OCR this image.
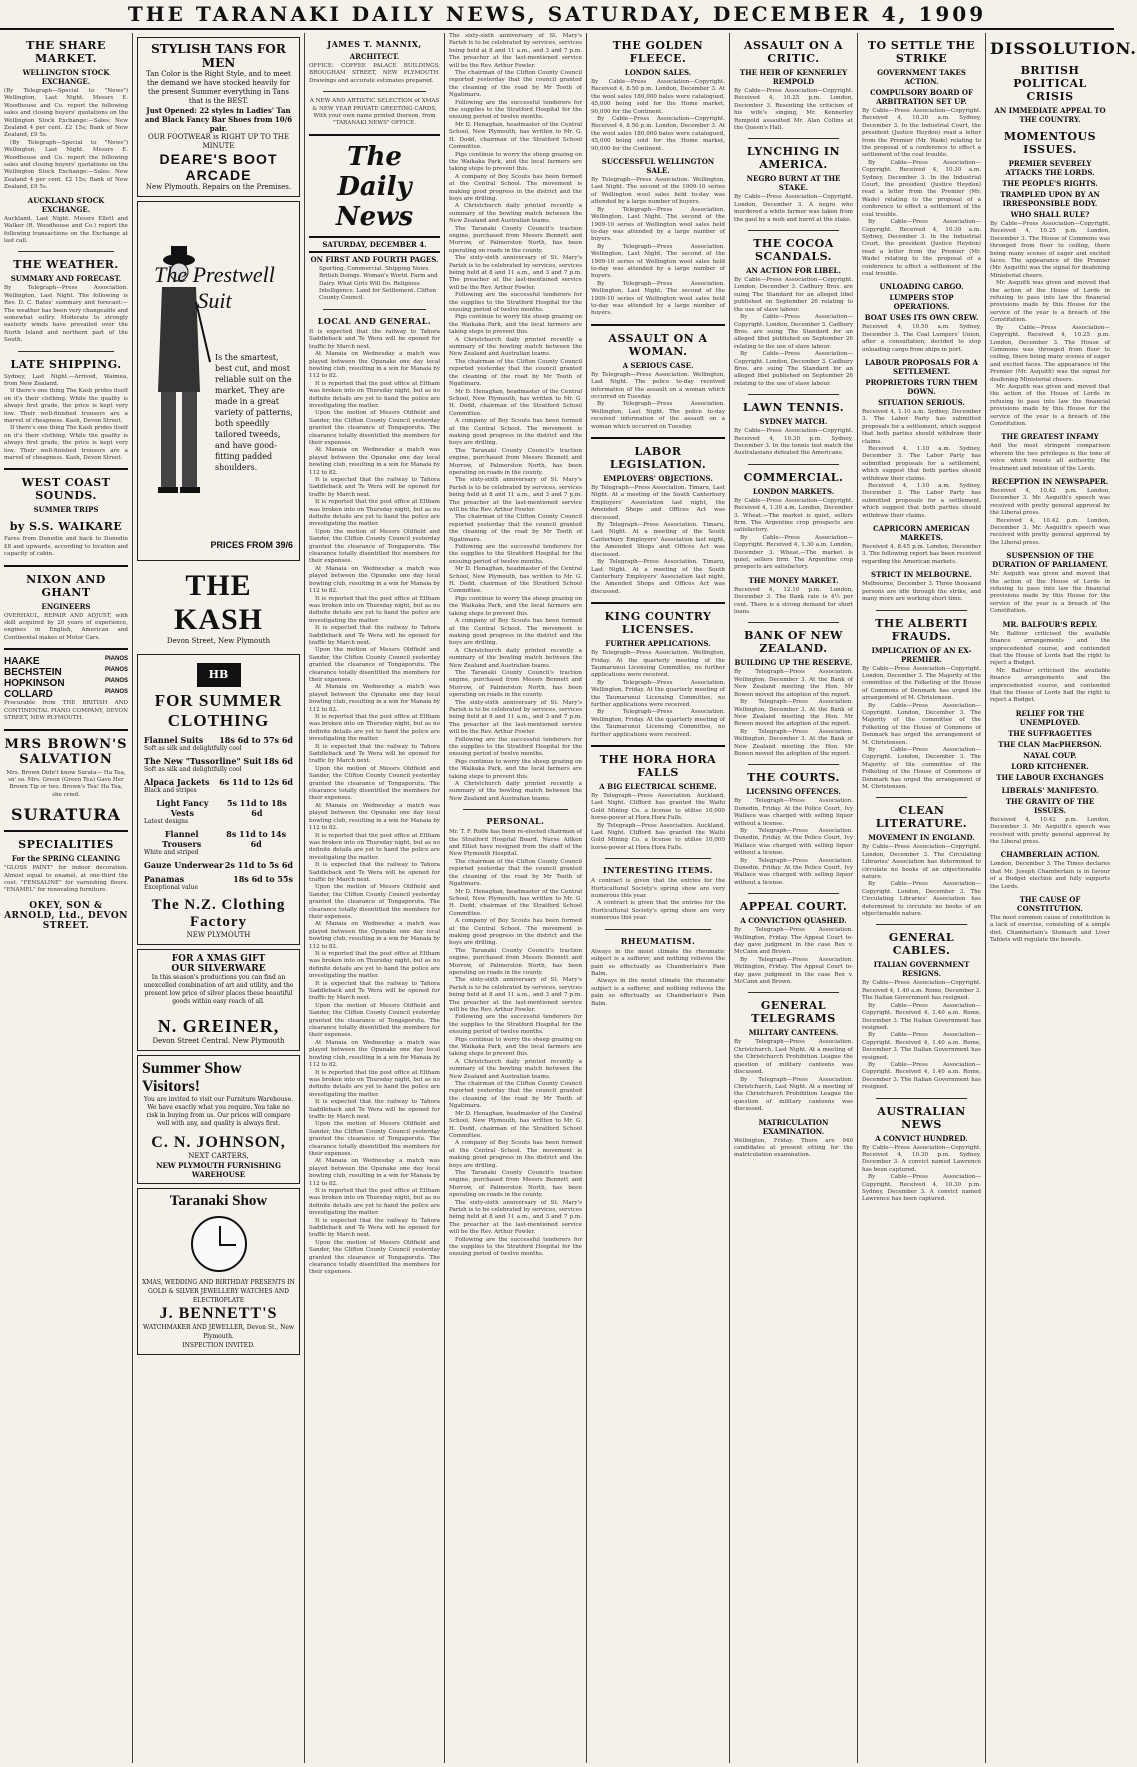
THE TARANAKI DAILY NEWS, SATURDAY, DECEMBER 4, 1909
THE SHARE MARKET.
WELLINGTON STOCK EXCHANGE.
(By Telegraph—Special to "News") Wellington, Last Night. Messrs E. Woodhouse and Co. report the following sales and closing buyers' quotations on the Wellington Stock Exchange:—Sales: New Zealand 4 per cent. £2 15s; Bank of New Zealand, £9 5s.
(By Telegraph—Special to "News") Wellington, Last Night. Messrs E. Woodhouse and Co. report the following sales and closing buyers' quotations on the Wellington Stock Exchange:—Sales: New Zealand 4 per cent. £2 15s; Bank of New Zealand, £9 5s.
AUCKLAND STOCK EXCHANGE.
Auckland, Last Night. Messrs Ellett and Walker (R. Woodhouse and Co.) report the following transactions on the Exchange at last call.
THE WEATHER.
SUMMARY AND FORECAST.
By Telegraph—Press Association. Wellington, Last Night. The following is Rev. D. C. Bates' summary and forecast:—The weather has been very changeable and somewhat sultry. Moderate to strongly easterly winds have prevailed over the North Island and northern part of the South.
LATE SHIPPING.
Sydney, Last Night.—Arrived, Waimea, from New Zealand.
If there's one thing The Kash prides itself on it's their clothing. While the quality is always first grade, the price is kept very low. Their well-finished trousers are a marvel of cheapness. Kash, Devon Street.
If there's one thing The Kash prides itself on it's their clothing. While the quality is always first grade, the price is kept very low. Their well-finished trousers are a marvel of cheapness. Kash, Devon Street.
WEST COAST SOUNDS.
SUMMER TRIPS
by S.S. WAIKARE
Fares from Dunedin and back to Dunedin £8 and upwards, according to location and capacity of cabin.
NIXON AND GHANT
ENGINEERS
OVERHAUL, REPAIR AND ADJUST, with skill acquired by 20 years of experience, engines in English, American and Continental makes of Motor Cars.
HAAKE	PIANOS
BECHSTEIN	PIANOS
HOPKINSON	PIANOS
COLLARD	PIANOS
Procurable from THE BRITISH AND CONTINENTAL PIANO COMPANY, DEVON STREET, NEW PLYMOUTH.
MRS BROWN'S SALVATION
Mrs. Brown Didn't know Surata— Ha Tea, sn' so. Mrs. Green (Green Tea) Gave Her Brown Tip or two. Brown's Tea! Ha Tea, she cried.
SURATURA
SPECIALITIES
For the SPRING CLEANING
"GLOSS PAINT" for indoor decoration. Almost equal to enamel, at one-third the cost. "FENSALINE" for varnishing floors. "ENAMEL" for renovating furniture.
OKEY, SON & ARNOLD, Ltd., DEVON STREET.
STYLISH TANS FOR MEN
Tan Color is the Right Style, and to meet the demand we have stocked heavily for the present Summer everything in Tans that is the BEST.
Just Opened: 22 styles in Ladies' Tan and Black Fancy Bar Shoes from 10/6 pair.
OUR FOOTWEAR is RIGHT UP TO THE MINUTE
DEARE'S BOOT ARCADE
New Plymouth. Repairs on the Premises.
The Prestwell Suit
Is the smartest, best cut, and most reliable suit on the market. They are made in a great variety of patterns, both speedily tailored tweeds, and have good-fitting padded shoulders.
PRICES FROM 39/6
THE KASH
Devon Street, New Plymouth
HB
FOR SUMMER CLOTHING
Flannel Suits 18s 6d to 57s 6d
Soft as silk and delightfully cool
The New "Tussorline" Suit 18s 6d
Soft as silk and delightfully cool
Alpaca Jackets 6s 11d to 12s 6d
Black and stripes
Light Fancy Vests
5s 11d to 18s 6d
Latest designs
Flannel Trousers
8s 11d to 14s 6d
White and striped
Gauze Underwear 2s 11d to 5s 6d
Panamas	18s 6d to 55s
Exceptional value
The N.Z. Clothing Factory
NEW PLYMOUTH
FOR A XMAS GIFT
OUR SILVERWARE
In this season's productions you can find an unexcelled combination of art and utility, and the present low price of silver places these beautiful goods within easy reach of all.
N. GREINER,
Devon Street Central. New Plymouth
Summer Show Visitors!
You are invited to visit our Furniture Warehouse. We have exactly what you require. You take no risk in buying from us. Our prices will compare well with any, and quality is always first.
C. N. JOHNSON,
NEXT CARTERS,
NEW PLYMOUTH FURNISHING WAREHOUSE
Taranaki Show
XMAS, WEDDING AND BIRTHDAY PRESENTS IN GOLD & SILVER JEWELLERY WATCHES AND ELECTROPLATE
J. BENNETT'S
WATCHMAKER AND JEWELLER, Devon St., New Plymouth.
INSPECTION INVITED.
JAMES T. MANNIX,
ARCHITECT.
OFFICE: COFFEE PALACE BUILDINGS, BROUGHAM STREET, NEW PLYMOUTH. Drawings and accurate estimates prepared.
A NEW AND ARTISTIC SELECTION of XMAS & NEW YEAR PRIVATE GREETING CARDS, With your own name printed thereon, from "TARANAKI NEWS" OFFICE.
The Daily News
SATURDAY, DECEMBER 4.
ON FIRST AND FOURTH PAGES.
Sporting. Commercial. Shipping News. British Doings. Woman's World. Farm and Dairy. What Girls Will Do. Religious Intelligence. Land for Settlement. Clifton County Council.
LOCAL AND GENERAL.
It is expected that the railway to Tahora Saddleback and Te Wera will be opened for traffic by March next.
At Manaia on Wednesday a match was played between the Opunake one day local bowling club, resulting in a win for Manaia by 112 to 82.
It is reported that the post office at Eltham was broken into on Thursday night, but as no definite details are yet to hand the police are investigating the matter.
Upon the motion of Messrs Oldfield and Sander, the Clifton County Council yesterday granted the clearance of Tongaporutu. The clearance totally disentitled the members for their expenses.
At Manaia on Wednesday a match was played between the Opunake one day local bowling club, resulting in a win for Manaia by 112 to 82.
It is expected that the railway to Tahora Saddleback and Te Wera will be opened for traffic by March next.
It is reported that the post office at Eltham was broken into on Thursday night, but as no definite details are yet to hand the police are investigating the matter.
Upon the motion of Messrs Oldfield and Sander, the Clifton County Council yesterday granted the clearance of Tongaporutu. The clearance totally disentitled the members for their expenses.
At Manaia on Wednesday a match was played between the Opunake one day local bowling club, resulting in a win for Manaia by 112 to 82.
It is reported that the post office at Eltham was broken into on Thursday night, but as no definite details are yet to hand the police are investigating the matter.
It is expected that the railway to Tahora Saddleback and Te Wera will be opened for traffic by March next.
Upon the motion of Messrs Oldfield and Sander, the Clifton County Council yesterday granted the clearance of Tongaporutu. The clearance totally disentitled the members for their expenses.
At Manaia on Wednesday a match was played between the Opunake one day local bowling club, resulting in a win for Manaia by 112 to 82.
It is reported that the post office at Eltham was broken into on Thursday night, but as no definite details are yet to hand the police are investigating the matter.
It is expected that the railway to Tahora Saddleback and Te Wera will be opened for traffic by March next.
Upon the motion of Messrs Oldfield and Sander, the Clifton County Council yesterday granted the clearance of Tongaporutu. The clearance totally disentitled the members for their expenses.
At Manaia on Wednesday a match was played between the Opunake one day local bowling club, resulting in a win for Manaia by 112 to 82.
It is reported that the post office at Eltham was broken into on Thursday night, but as no definite details are yet to hand the police are investigating the matter.
It is expected that the railway to Tahora Saddleback and Te Wera will be opened for traffic by March next.
Upon the motion of Messrs Oldfield and Sander, the Clifton County Council yesterday granted the clearance of Tongaporutu. The clearance totally disentitled the members for their expenses.
At Manaia on Wednesday a match was played between the Opunake one day local bowling club, resulting in a win for Manaia by 112 to 82.
It is reported that the post office at Eltham was broken into on Thursday night, but as no definite details are yet to hand the police are investigating the matter.
It is expected that the railway to Tahora Saddleback and Te Wera will be opened for traffic by March next.
Upon the motion of Messrs Oldfield and Sander, the Clifton County Council yesterday granted the clearance of Tongaporutu. The clearance totally disentitled the members for their expenses.
At Manaia on Wednesday a match was played between the Opunake one day local bowling club, resulting in a win for Manaia by 112 to 82.
It is reported that the post office at Eltham was broken into on Thursday night, but as no definite details are yet to hand the police are investigating the matter.
It is expected that the railway to Tahora Saddleback and Te Wera will be opened for traffic by March next.
Upon the motion of Messrs Oldfield and Sander, the Clifton County Council yesterday granted the clearance of Tongaporutu. The clearance totally disentitled the members for their expenses.
At Manaia on Wednesday a match was played between the Opunake one day local bowling club, resulting in a win for Manaia by 112 to 82.
It is reported that the post office at Eltham was broken into on Thursday night, but as no definite details are yet to hand the police are investigating the matter.
It is expected that the railway to Tahora Saddleback and Te Wera will be opened for traffic by March next.
Upon the motion of Messrs Oldfield and Sander, the Clifton County Council yesterday granted the clearance of Tongaporutu. The clearance totally disentitled the members for their expenses.
The sixty-sixth anniversary of St. Mary's Parish is to be celebrated by services, services being held at 8 and 11 a.m., and 3 and 7 p.m. The preacher at the last-mentioned service will be the Rev. Arthur Fowler.
The chairman of the Clifton County Council reported yesterday that the council granted the cleaning of the road by Mr Tooth of Ngatimaru.
Following are the successful tenderers for the supplies to the Stratford Hospital for the ensuing period of twelve months.
Mr D. Henaghan, headmaster of the Central School, New Plymouth, has written to Mr. G. H. Dodd, chairman of the Stratford School Committee.
Pigs continue to worry the sheep grazing on the Waikaka Park, and the local farmers are taking steps to prevent this.
A company of Boy Scouts has been formed at the Central School. The movement is making good progress in the district and the boys are drilling.
A Christchurch daily printed recently a summary of the bowling match between the New Zealand and Australian teams.
The Taranaki County Council's traction engine, purchased from Messrs Bennett and Morrow, of Palmerston North, has been operating on roads in the county.
The sixty-sixth anniversary of St. Mary's Parish is to be celebrated by services, services being held at 8 and 11 a.m., and 3 and 7 p.m. The preacher at the last-mentioned service will be the Rev. Arthur Fowler.
Following are the successful tenderers for the supplies to the Stratford Hospital for the ensuing period of twelve months.
Pigs continue to worry the sheep grazing on the Waikaka Park, and the local farmers are taking steps to prevent this.
A Christchurch daily printed recently a summary of the bowling match between the New Zealand and Australian teams.
The chairman of the Clifton County Council reported yesterday that the council granted the cleaning of the road by Mr Tooth of Ngatimaru.
Mr D. Henaghan, headmaster of the Central School, New Plymouth, has written to Mr. G. H. Dodd, chairman of the Stratford School Committee.
A company of Boy Scouts has been formed at the Central School. The movement is making good progress in the district and the boys are drilling.
The Taranaki County Council's traction engine, purchased from Messrs Bennett and Morrow, of Palmerston North, has been operating on roads in the county.
The sixty-sixth anniversary of St. Mary's Parish is to be celebrated by services, services being held at 8 and 11 a.m., and 3 and 7 p.m. The preacher at the last-mentioned service will be the Rev. Arthur Fowler.
The chairman of the Clifton County Council reported yesterday that the council granted the cleaning of the road by Mr Tooth of Ngatimaru.
Following are the successful tenderers for the supplies to the Stratford Hospital for the ensuing period of twelve months.
Mr D. Henaghan, headmaster of the Central School, New Plymouth, has written to Mr. G. H. Dodd, chairman of the Stratford School Committee.
Pigs continue to worry the sheep grazing on the Waikaka Park, and the local farmers are taking steps to prevent this.
A company of Boy Scouts has been formed at the Central School. The movement is making good progress in the district and the boys are drilling.
A Christchurch daily printed recently a summary of the bowling match between the New Zealand and Australian teams.
The Taranaki County Council's traction engine, purchased from Messrs Bennett and Morrow, of Palmerston North, has been operating on roads in the county.
The sixty-sixth anniversary of St. Mary's Parish is to be celebrated by services, services being held at 8 and 11 a.m., and 3 and 7 p.m. The preacher at the last-mentioned service will be the Rev. Arthur Fowler.
Following are the successful tenderers for the supplies to the Stratford Hospital for the ensuing period of twelve months.
Pigs continue to worry the sheep grazing on the Waikaka Park, and the local farmers are taking steps to prevent this.
A Christchurch daily printed recently a summary of the bowling match between the New Zealand and Australian teams.
PERSONAL.
Mr. T. F. Rolfe has been re-elected chairman of the Stratford Hospital Board. Nurse Aitken and Elliot have resigned from the staff of the New Plymouth Hospital.
The chairman of the Clifton County Council reported yesterday that the council granted the cleaning of the road by Mr Tooth of Ngatimaru.
Mr D. Henaghan, headmaster of the Central School, New Plymouth, has written to Mr. G. H. Dodd, chairman of the Stratford School Committee.
A company of Boy Scouts has been formed at the Central School. The movement is making good progress in the district and the boys are drilling.
The Taranaki County Council's traction engine, purchased from Messrs Bennett and Morrow, of Palmerston North, has been operating on roads in the county.
The sixty-sixth anniversary of St. Mary's Parish is to be celebrated by services, services being held at 8 and 11 a.m., and 3 and 7 p.m. The preacher at the last-mentioned service will be the Rev. Arthur Fowler.
Following are the successful tenderers for the supplies to the Stratford Hospital for the ensuing period of twelve months.
Pigs continue to worry the sheep grazing on the Waikaka Park, and the local farmers are taking steps to prevent this.
A Christchurch daily printed recently a summary of the bowling match between the New Zealand and Australian teams.
The chairman of the Clifton County Council reported yesterday that the council granted the cleaning of the road by Mr Tooth of Ngatimaru.
Mr D. Henaghan, headmaster of the Central School, New Plymouth, has written to Mr. G. H. Dodd, chairman of the Stratford School Committee.
A company of Boy Scouts has been formed at the Central School. The movement is making good progress in the district and the boys are drilling.
The Taranaki County Council's traction engine, purchased from Messrs Bennett and Morrow, of Palmerston North, has been operating on roads in the county.
The sixty-sixth anniversary of St. Mary's Parish is to be celebrated by services, services being held at 8 and 11 a.m., and 3 and 7 p.m. The preacher at the last-mentioned service will be the Rev. Arthur Fowler.
Following are the successful tenderers for the supplies to the Stratford Hospital for the ensuing period of twelve months.
THE GOLDEN FLEECE.
LONDON SALES.
By Cable—Press Association—Copyright. Received 4, 8.50 p.m. London, December 3. At the wool sales 180,000 bales were catalogued, 45,000 being sold for the Home market, 90,000 for the Continent.
By Cable—Press Association—Copyright. Received 4, 8.50 p.m. London, December 3. At the wool sales 180,000 bales were catalogued, 45,000 being sold for the Home market, 90,000 for the Continent.
SUCCESSFUL WELLINGTON SALE.
By Telegraph—Press Association. Wellington, Last Night. The second of the 1909-10 series of Wellington wool sales held to-day was attended by a large number of buyers.
By Telegraph—Press Association. Wellington, Last Night. The second of the 1909-10 series of Wellington wool sales held to-day was attended by a large number of buyers.
By Telegraph—Press Association. Wellington, Last Night. The second of the 1909-10 series of Wellington wool sales held to-day was attended by a large number of buyers.
By Telegraph—Press Association. Wellington, Last Night. The second of the 1909-10 series of Wellington wool sales held to-day was attended by a large number of buyers.
ASSAULT ON A WOMAN.
A SERIOUS CASE.
By Telegraph—Press Association. Wellington, Last Night. The police to-day received information of the assault on a woman which occurred on Tuesday.
By Telegraph—Press Association. Wellington, Last Night. The police to-day received information of the assault on a woman which occurred on Tuesday.
LABOR LEGISLATION.
EMPLOYERS' OBJECTIONS.
By Telegraph—Press Association. Timaru, Last Night. At a meeting of the South Canterbury Employers' Association last night, the Amended Shops and Offices Act was discussed.
By Telegraph—Press Association. Timaru, Last Night. At a meeting of the South Canterbury Employers' Association last night, the Amended Shops and Offices Act was discussed.
By Telegraph—Press Association. Timaru, Last Night. At a meeting of the South Canterbury Employers' Association last night, the Amended Shops and Offices Act was discussed.
KING COUNTRY LICENSES.
FURTHER APPLICATIONS.
By Telegraph—Press Association. Wellington, Friday. At the quarterly meeting of the Taumarunui Licensing Committee, no further applications were received.
By Telegraph—Press Association. Wellington, Friday. At the quarterly meeting of the Taumarunui Licensing Committee, no further applications were received.
By Telegraph—Press Association. Wellington, Friday. At the quarterly meeting of the Taumarunui Licensing Committee, no further applications were received.
THE HORA HORA FALLS
A BIG ELECTRICAL SCHEME.
By Telegraph—Press Association. Auckland, Last Night. Clifford has granted the Waihi Gold Mining Co. a license to utilise 10,000 horse-power at Hora Hora Falls.
By Telegraph—Press Association. Auckland, Last Night. Clifford has granted the Waihi Gold Mining Co. a license to utilise 10,000 horse-power at Hora Hora Falls.
INTERESTING ITEMS.
A contract is given that the entries for the Horticultural Society's spring show are very numerous this year.
A contract is given that the entries for the Horticultural Society's spring show are very numerous this year.
RHEUMATISM.
Always in the moist climate the rheumatic subject is a sufferer, and nothing relieves the pain so effectually as Chamberlain's Pain Balm.
Always in the moist climate the rheumatic subject is a sufferer, and nothing relieves the pain so effectually as Chamberlain's Pain Balm.
ASSAULT ON A CRITIC.
THE HEIR OF KENNERLEY REMPOLD
By Cable—Press Association—Copyright. Received 4, 10.25 p.m. London, December 3. Resenting the criticism of his wife's singing, Mr. Kennerley Rempold assaulted Mr. Alan Collins at the Queen's Hall.
LYNCHING IN AMERICA.
NEGRO BURNT AT THE STAKE.
By Cable—Press Association—Copyright. London, December 3. A negro who murdered a white farmer was taken from the gaol by a mob and burnt at the stake.
THE COCOA SCANDALS.
AN ACTION FOR LIBEL.
By Cable—Press Association—Copyright. London, December 3. Cadbury Bros. are suing The Standard for an alleged libel published on September 26 relating to the use of slave labour.
By Cable—Press Association—Copyright. London, December 3. Cadbury Bros. are suing The Standard for an alleged libel published on September 26 relating to the use of slave labour.
By Cable—Press Association—Copyright. London, December 3. Cadbury Bros. are suing The Standard for an alleged libel published on September 26 relating to the use of slave labour.
LAWN TENNIS.
SYDNEY MATCH.
By Cable—Press Association—Copyright. Received 4, 10.30 p.m. Sydney, December 3. In the tennis test match the Australasians defeated the Americans.
COMMERCIAL.
LONDON MARKETS.
By Cable—Press Association—Copyright. Received 4, 1.30 a.m. London, December 3. Wheat.—The market is quiet, sellers firm. The Argentine crop prospects are satisfactory.
By Cable—Press Association—Copyright. Received 4, 1.30 a.m. London, December 3. Wheat.—The market is quiet, sellers firm. The Argentine crop prospects are satisfactory.
THE MONEY MARKET.
Received 4, 12.10 p.m. London, December 3. The Bank rate is 4½ per cent. There is a strong demand for short loans.
BANK OF NEW ZEALAND.
BUILDING UP THE RESERVE.
By Telegraph—Press Association. Wellington, December 3. At the Bank of New Zealand meeting the Hon. Mr Bowen moved the adoption of the report.
By Telegraph—Press Association. Wellington, December 3. At the Bank of New Zealand meeting the Hon. Mr Bowen moved the adoption of the report.
By Telegraph—Press Association. Wellington, December 3. At the Bank of New Zealand meeting the Hon. Mr Bowen moved the adoption of the report.
THE COURTS.
LICENSING OFFENCES.
By Telegraph—Press Association. Dunedin, Friday. At the Police Court, Ivy Wallace was charged with selling liquor without a license.
By Telegraph—Press Association. Dunedin, Friday. At the Police Court, Ivy Wallace was charged with selling liquor without a license.
By Telegraph—Press Association. Dunedin, Friday. At the Police Court, Ivy Wallace was charged with selling liquor without a license.
APPEAL COURT.
A CONVICTION QUASHED.
By Telegraph—Press Association. Wellington, Friday. The Appeal Court to-day gave judgment in the case Rex v. McCann and Brown.
By Telegraph—Press Association. Wellington, Friday. The Appeal Court to-day gave judgment in the case Rex v. McCann and Brown.
GENERAL TELEGRAMS
MILITARY CANTEENS.
By Telegraph—Press Association. Christchurch, Last Night. At a meeting of the Christchurch Prohibition League the question of military canteens was discussed.
By Telegraph—Press Association. Christchurch, Last Night. At a meeting of the Christchurch Prohibition League the question of military canteens was discussed.
MATRICULATION EXAMINATION.
Wellington, Friday. There are 940 candidates at present sitting for the matriculation examination.
TO SETTLE THE STRIKE
GOVERNMENT TAKES ACTION.
COMPULSORY BOARD OF ARBITRATION SET UP.
By Cable—Press Association—Copyright. Received 4, 10.30 a.m. Sydney, December 3. In the Industrial Court, the president (Justice Heydon) read a letter from the Premier (Mr. Wade) relating to the proposal of a conference to effect a settlement of the coal trouble.
By Cable—Press Association—Copyright. Received 4, 10.30 a.m. Sydney, December 3. In the Industrial Court, the president (Justice Heydon) read a letter from the Premier (Mr. Wade) relating to the proposal of a conference to effect a settlement of the coal trouble.
By Cable—Press Association—Copyright. Received 4, 10.30 a.m. Sydney, December 3. In the Industrial Court, the president (Justice Heydon) read a letter from the Premier (Mr. Wade) relating to the proposal of a conference to effect a settlement of the coal trouble.
UNLOADING CARGO.
LUMPERS STOP OPERATIONS.
BOAT USES ITS OWN CREW.
Received 4, 10.50 a.m. Sydney, December 3. The Coal Lumpers' Union, after a consultation, decided to stop unloading cargo from ships in port.
LABOUR PROPOSALS FOR A SETTLEMENT.
PROPRIETORS TURN THEM DOWN.
SITUATION SERIOUS.
Received 4, 1.10 a.m. Sydney, December 3. The Labor Party has submitted proposals for a settlement, which suggest that both parties should withdraw their claims.
Received 4, 1.10 a.m. Sydney, December 3. The Labor Party has submitted proposals for a settlement, which suggest that both parties should withdraw their claims.
Received 4, 1.10 a.m. Sydney, December 3. The Labor Party has submitted proposals for a settlement, which suggest that both parties should withdraw their claims.
CAPRICORN AMERICAN MARKETS.
Received 4, 8.45 p.m. London, December 3. The following report has been received regarding the American markets.
STRICT IN MELBOURNE.
Melbourne, December 3. Three thousand persons are idle through the strike, and many more are working short time.
THE ALBERTI FRAUDS.
IMPLICATION OF AN EX-PREMIER.
By Cable—Press Association—Copyright. London, December 3. The Majority of the committee of the Folketing of the House of Commons of Denmark has urged the arrangement of M. Christensen.
By Cable—Press Association—Copyright. London, December 3. The Majority of the committee of the Folketing of the House of Commons of Denmark has urged the arrangement of M. Christensen.
By Cable—Press Association—Copyright. London, December 3. The Majority of the committee of the Folketing of the House of Commons of Denmark has urged the arrangement of M. Christensen.
CLEAN LITERATURE.
MOVEMENT IN ENGLAND.
By Cable—Press Association—Copyright. London, December 3. The Circulating Libraries' Association has determined to circulate no books of an objectionable nature.
By Cable—Press Association—Copyright. London, December 3. The Circulating Libraries' Association has determined to circulate no books of an objectionable nature.
GENERAL CABLES.
ITALIAN GOVERNMENT RESIGNS.
By Cable—Press Association—Copyright. Received 4, 1.40 a.m. Rome, December 3. The Italian Government has resigned.
By Cable—Press Association—Copyright. Received 4, 1.40 a.m. Rome, December 3. The Italian Government has resigned.
By Cable—Press Association—Copyright. Received 4, 1.40 a.m. Rome, December 3. The Italian Government has resigned.
By Cable—Press Association—Copyright. Received 4, 1.40 a.m. Rome, December 3. The Italian Government has resigned.
AUSTRALIAN NEWS
A CONVICT HUNDRED.
By Cable—Press Association—Copyright. Received 4, 10.30 p.m. Sydney, December 3. A convict named Lawrence has been captured.
By Cable—Press Association—Copyright. Received 4, 10.30 p.m. Sydney, December 3. A convict named Lawrence has been captured.
DISSOLUTION.
BRITISH POLITICAL CRISIS
AN IMMEDIATE APPEAL TO THE COUNTRY.
MOMENTOUS ISSUES.
PREMIER SEVERELY ATTACKS THE LORDS.
THE PEOPLE'S RIGHTS.
TRAMPLED UPON BY AN IRRESPONSIBLE BODY.
WHO SHALL RULE?
By Cable—Press Association—Copyright. Received 4, 10.25 p.m. London, December 3. The House of Commons was thronged from floor to ceiling, there being many scenes of eager and excited faces. The appearance of the Premier (Mr. Asquith) was the signal for deafening Ministerial cheers.
Mr. Asquith was given and moved that the action of the House of Lords in refusing to pass into law the financial provisions made by this House for the service of the year is a breach of the Constitution.
By Cable—Press Association—Copyright. Received 4, 10.25 p.m. London, December 3. The House of Commons was thronged from floor to ceiling, there being many scenes of eager and excited faces. The appearance of the Premier (Mr. Asquith) was the signal for deafening Ministerial cheers.
Mr. Asquith was given and moved that the action of the House of Lords in refusing to pass into law the financial provisions made by this House for the service of the year is a breach of the Constitution.
THE GREATEST INFAMY
And the most stringent comparison wherein the two privileges is the tone of voice which resists all authority, the treatment and intention of the Lords.
RECEPTION IN NEWSPAPER.
Received 4, 10.42 p.m. London, December 3. Mr. Asquith's speech was received with pretty general approval by the Liberal press.
Received 4, 10.42 p.m. London, December 3. Mr. Asquith's speech was received with pretty general approval by the Liberal press.
SUSPENSION OF THE DURATION OF PARLIAMENT.
Mr. Asquith was given and moved that the action of the House of Lords in refusing to pass into law the financial provisions made by this House for the service of the year is a breach of the Constitution.
MR. BALFOUR'S REPLY.
Mr. Balfour criticised the available finance arrangements and the unprecedented course, and contended that the House of Lords had the right to reject a Budget.
Mr. Balfour criticised the available finance arrangements and the unprecedented course, and contended that the House of Lords had the right to reject a Budget.
RELIEF FOR THE UNEMPLOYED.
THE SUFFRAGETTES
THE CLAN MacPHERSON.
NAYAL COUP.
LORD KITCHENER.
THE LABOUR EXCHANGES
LIBERALS' MANIFESTO.
THE GRAVITY OF THE ISSUES.
Received 4, 10.42 p.m. London, December 3. Mr. Asquith's speech was received with pretty general approval by the Liberal press.
CHAMBERLAIN ACTION.
London, December 3. The Times declares that Mr. Joseph Chamberlain is in favour of a Budget election and fully supports the Lords.
THE CAUSE OF CONSTITUTION.
The most common cause of constitution is a lack of exercise, consisting of a simple diet. Chamberlain's Stomach and Liver Tablets will regulate the bowels.
